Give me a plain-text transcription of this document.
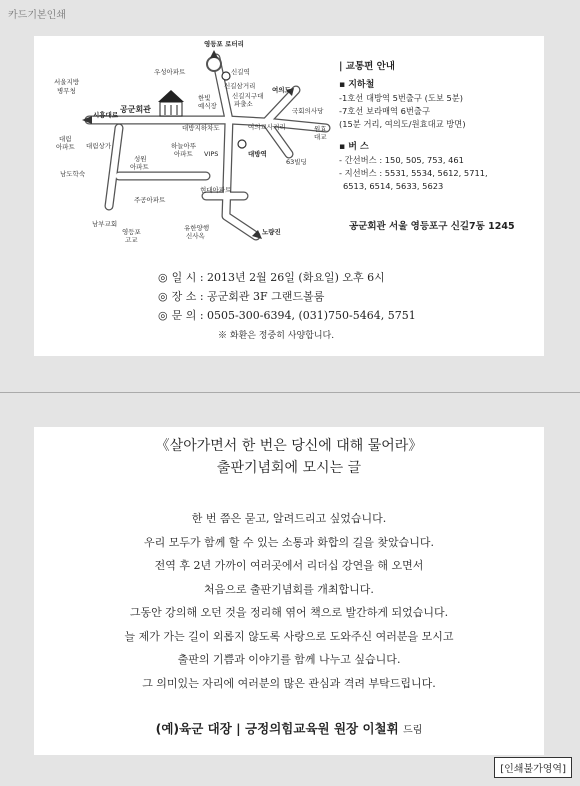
카드기본인쇄
영등포 로터리
신길역
우성아파트
신길삼거리
서울지방
병무청
공군회관
한빛
예식장
신길지구대
파출소
여의도
국회의사당
시흥대로
여의교사거리	원효
대교
대림
아파트 대림상가
대방지하차도
하늘아뚜
아파트
성원
아파트
VIPS	대방역
63빌딩
남도학숙
현대아파트
주공아파트
남부교회
영등포
고교
유한양행
신사옥	노량진
| 교통편 안내
▪ 지하철
-1호선 대방역 5번출구 (도보 5분)
-7호선 보라매역 6번출구
(15분 거리, 여의도/원효대교 방면)
▪ 버 스
- 간선버스 : 150, 505, 753, 461
- 지선버스 : 5531, 5534, 5612, 5711,
6513, 6514, 5633, 5623
공군회관 서울 영등포구 신길7동 1245
◎ 일 시 : 2013년 2월 26일 (화요일) 오후 6시
◎ 장 소 : 공군회관 3F 그랜드볼룸
◎ 문 의 : 0505-300-6394, (031)750-5464, 5751
※ 화환은 정중히 사양합니다.
《살아가면서 한 번은 당신에 대해 물어라》
출판기념회에 모시는 글
한 번 쯤은 묻고, 알려드리고 싶었습니다.
우리 모두가 함께 할 수 있는 소통과 화합의 길을 찾았습니다.
전역 후 2년 가까이 여러곳에서 리더십 강연을 해 오면서
처음으로 출판기념회를 개최합니다.
그동안 강의해 오던 것을 정리해 엮어 책으로 발간하게 되었습니다.
늘 제가 가는 길이 외롭지 않도록 사랑으로 도와주신 여러분을 모시고
출판의 기쁨과 이야기를 함께 나누고 싶습니다.
그 의미있는 자리에 여러분의 많은 관심과 격려 부탁드립니다.
(예)육군 대장 | 긍정의힘교육원 원장 이철휘 드림
[인쇄불가영역]
